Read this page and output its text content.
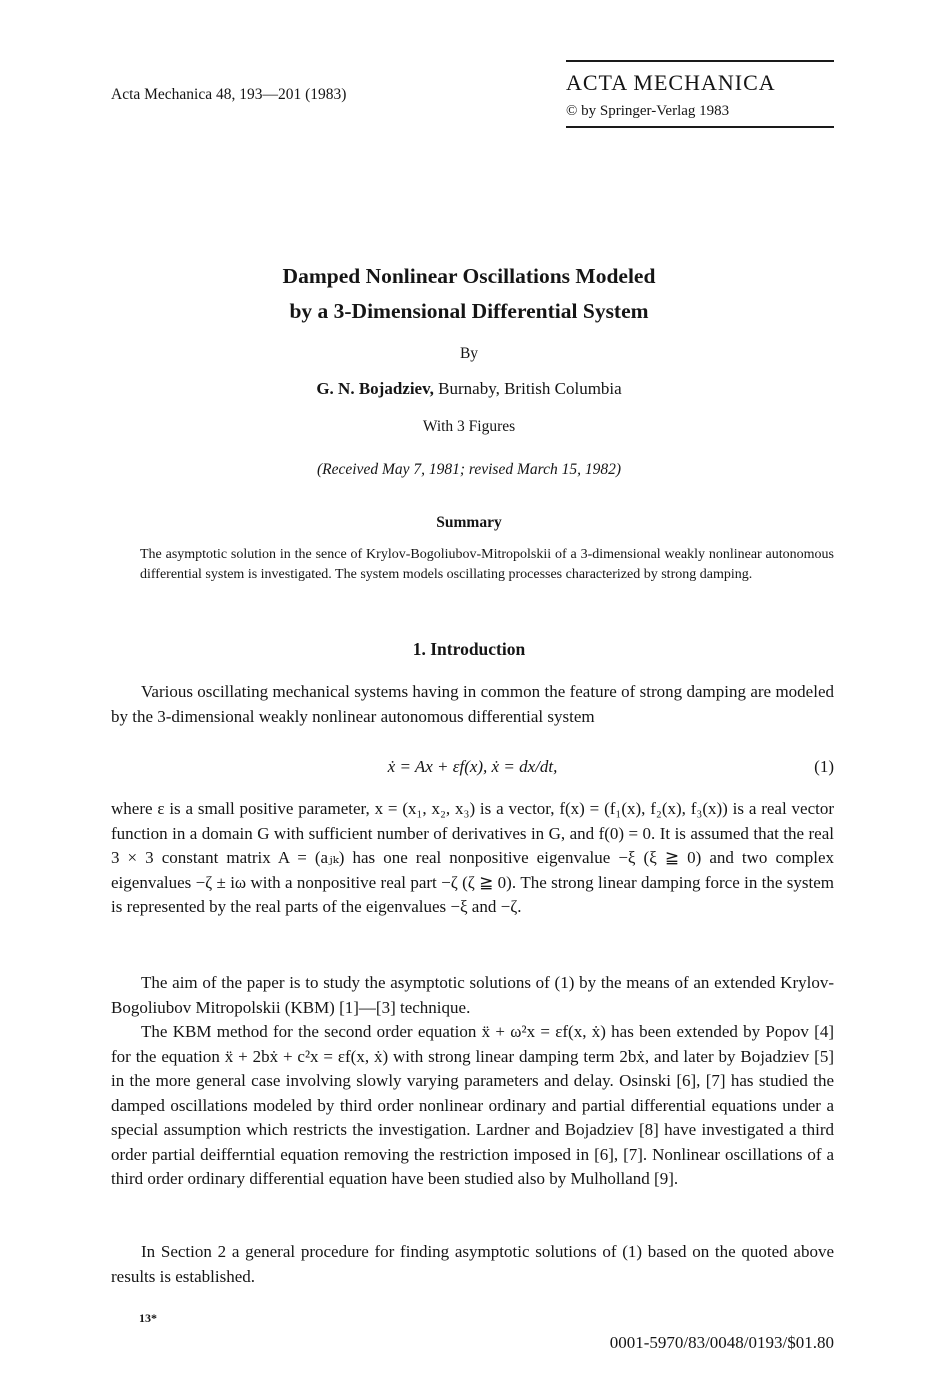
Acta Mechanica 48, 193—201 (1983)	ACTA MECHANICA
© by Springer-Verlag 1983
Damped Nonlinear Oscillations Modeled
by a 3-Dimensional Differential System
By
G. N. Bojadziev, Burnaby, British Columbia
With 3 Figures
(Received May 7, 1981; revised March 15, 1982)
Summary
The asymptotic solution in the sence of Krylov-Bogoliubov-Mitropolskii of a 3-dimensional weakly nonlinear autonomous differential system is investigated. The system models oscillating processes characterized by strong damping.
1. Introduction
Various oscillating mechanical systems having in common the feature of strong damping are modeled by the 3-dimensional weakly nonlinear autonomous differential system
ẋ = Ax + εf(x), ẋ = dx/dt,	(1)
where ε is a small positive parameter, x = (x₁, x₂, x₃) is a vector, f(x) = (f₁(x), f₂(x), f₃(x)) is a real vector function in a domain G with sufficient number of derivatives in G, and f(0) = 0. It is assumed that the real 3 × 3 constant matrix A = (aⱼₖ) has one real nonpositive eigenvalue −ξ (ξ ≧ 0) and two complex eigenvalues −ζ ± iω with a nonpositive real part −ζ (ζ ≧ 0). The strong linear damping force in the system is represented by the real parts of the eigenvalues −ξ and −ζ.
The aim of the paper is to study the asymptotic solutions of (1) by the means of an extended Krylov-Bogoliubov Mitropolskii (KBM) [1]—[3] technique.
The KBM method for the second order equation ẍ + ω²x = εf(x, ẋ) has been extended by Popov [4] for the equation ẍ + 2bẋ + c²x = εf(x, ẋ) with strong linear damping term 2bẋ, and later by Bojadziev [5] in the more general case involving slowly varying parameters and delay. Osinski [6], [7] has studied the damped oscillations modeled by third order nonlinear ordinary and partial differential equations under a special assumption which restricts the investigation. Lardner and Bojadziev [8] have investigated a third order partial deifferntial equation removing the restriction imposed in [6], [7]. Nonlinear oscillations of a third order ordinary differential equation have been studied also by Mulholland [9].
In Section 2 a general procedure for finding asymptotic solutions of (1) based on the quoted above results is established.
13*
0001-5970/83/0048/0193/$01.80
